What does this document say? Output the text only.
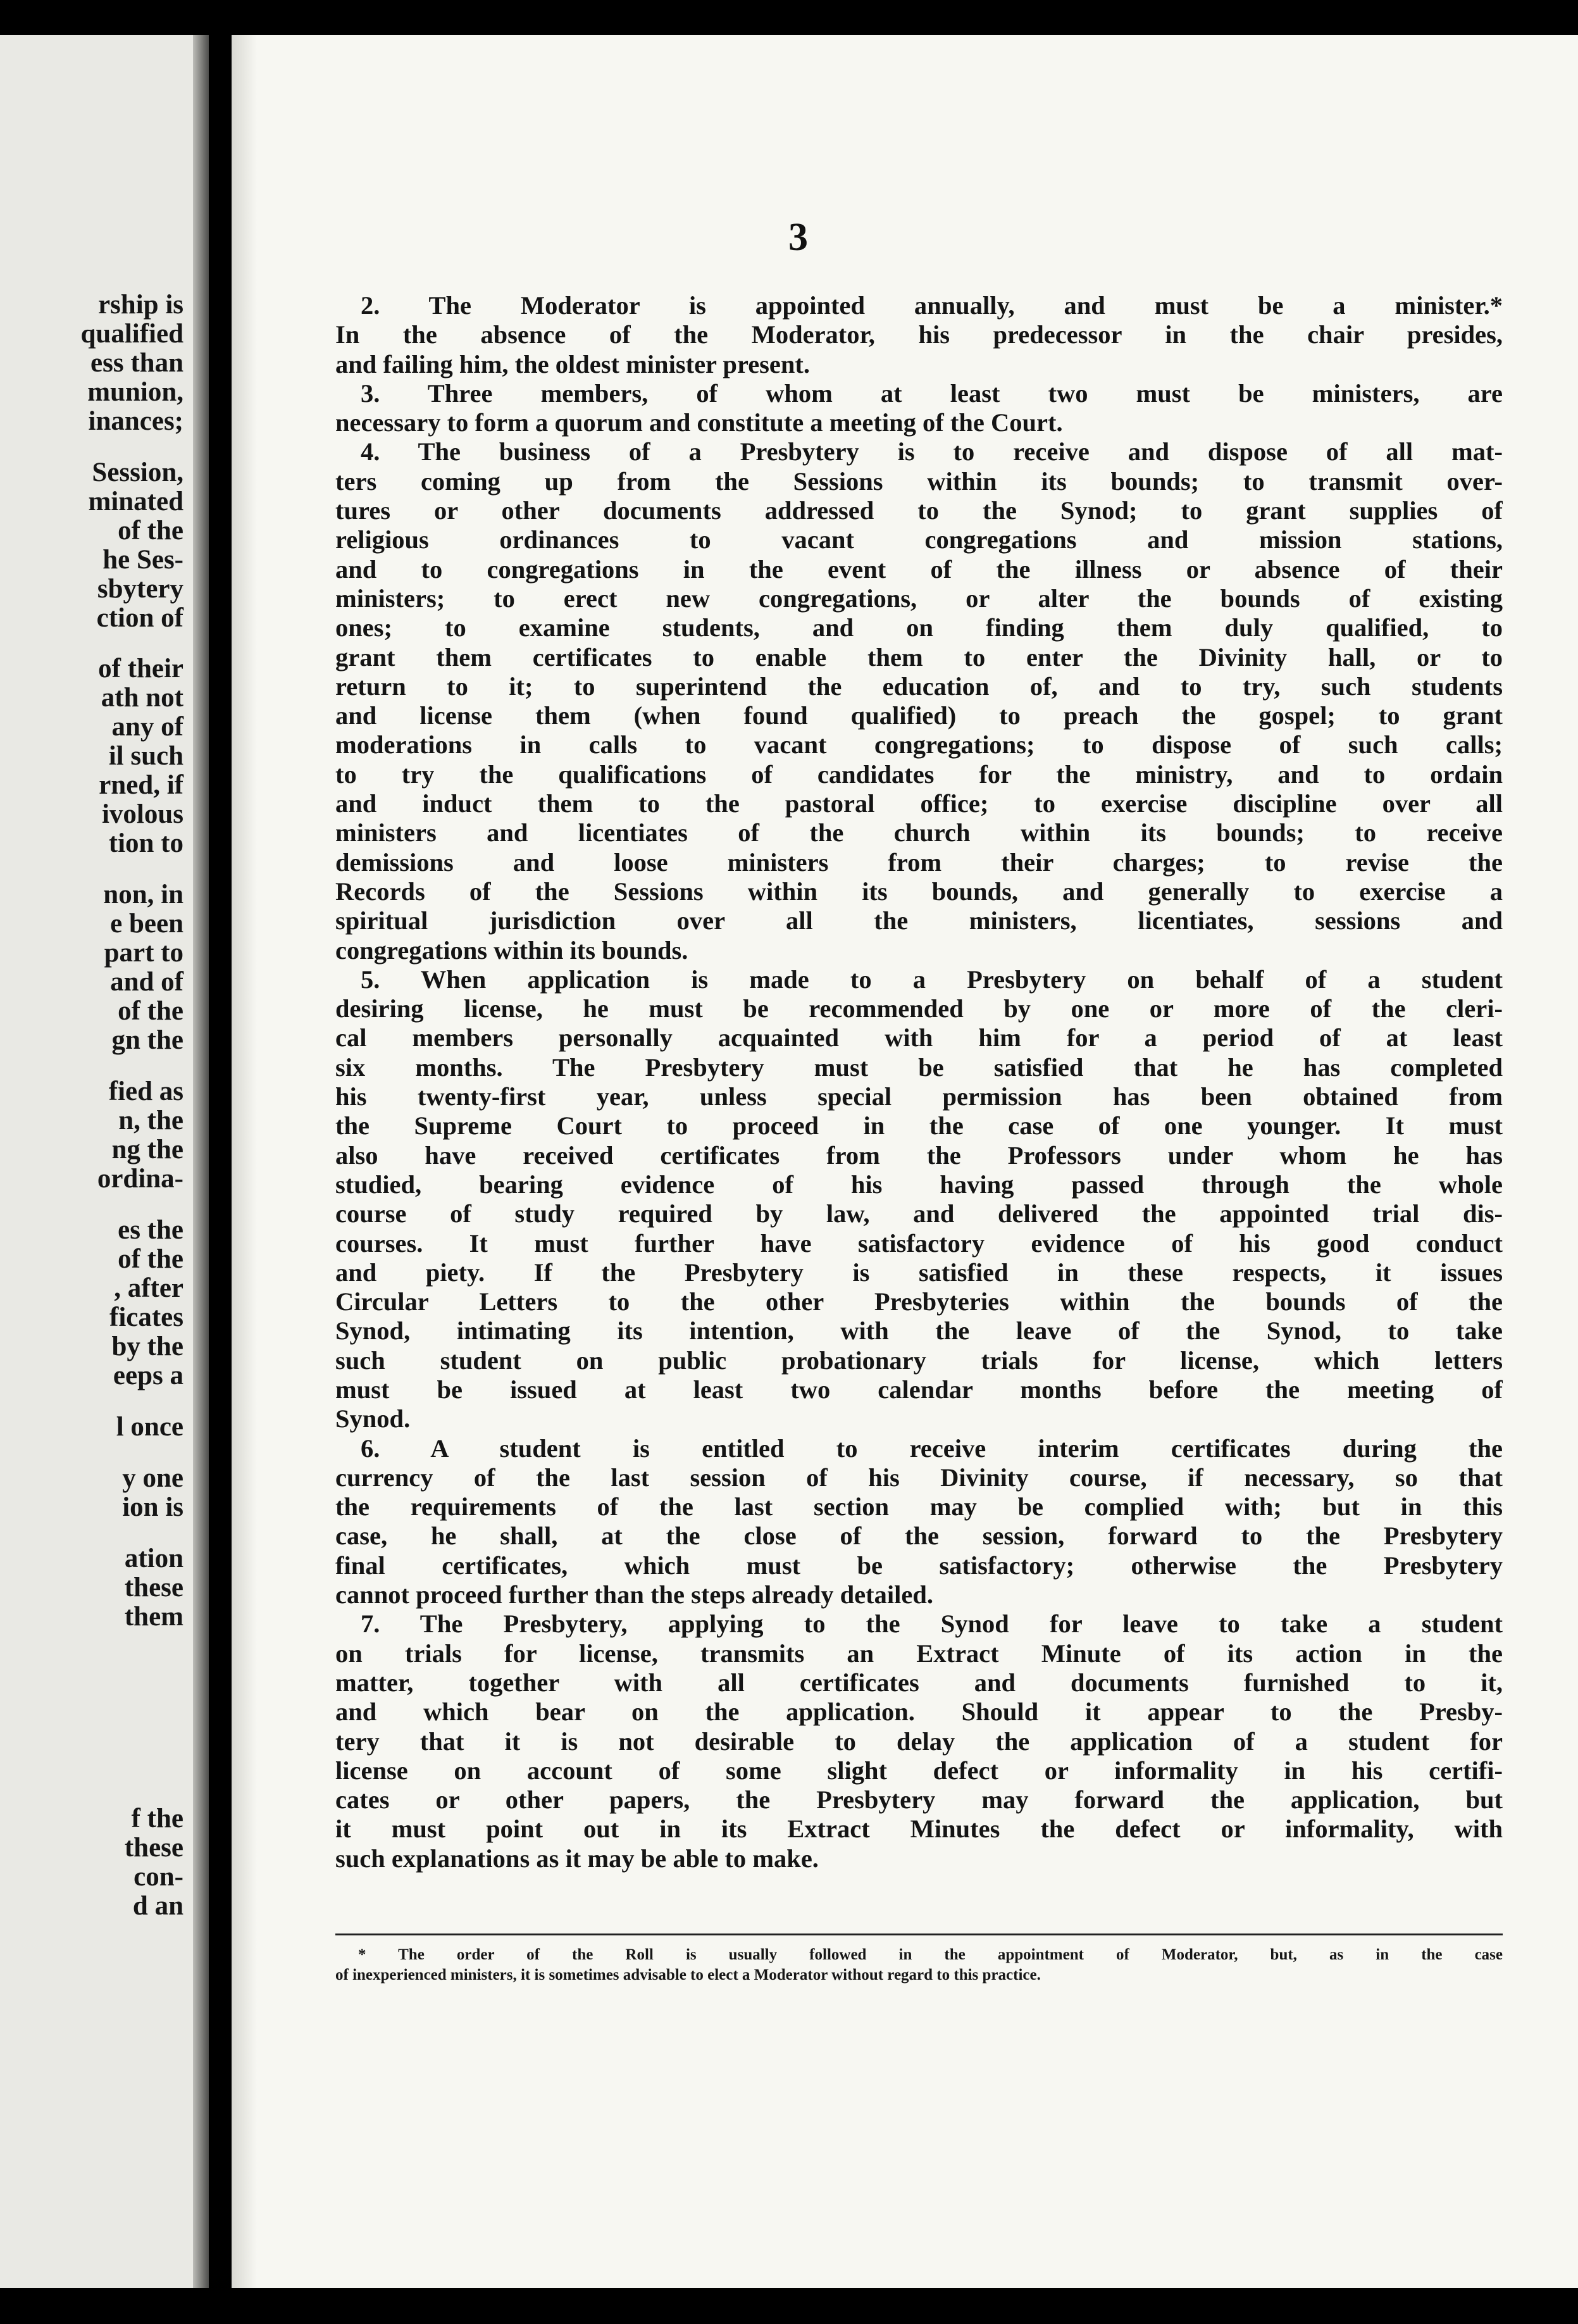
rship is
qualified
ess than
munion,
inances;
Session,
minated
of the
he Ses-
sbytery
ction of
of their
ath not
any of
il such
rned, if
ivolous
tion to
non, in
e been
part to
and of
of the
gn the
fied as
n, the
ng the
ordina-
es the
of the
, after
ficates
by the
eeps a
l once
y one
ion is
ation
these
them
f the
these
con-
d an
3
2. The Moderator is appointed annually, and must be a minister.*
In the absence of the Moderator, his predecessor in the chair presides,
and failing him, the oldest minister present.
3. Three members, of whom at least two must be ministers, are
necessary to form a quorum and constitute a meeting of the Court.
4. The business of a Presbytery is to receive and dispose of all mat-
ters coming up from the Sessions within its bounds; to transmit over-
tures or other documents addressed to the Synod; to grant supplies of
religious ordinances to vacant congregations and mission stations,
and to congregations in the event of the illness or absence of their
ministers; to erect new congregations, or alter the bounds of existing
ones; to examine students, and on finding them duly qualified, to
grant them certificates to enable them to enter the Divinity hall, or to
return to it; to superintend the education of, and to try, such students
and license them (when found qualified) to preach the gospel; to grant
moderations in calls to vacant congregations; to dispose of such calls;
to try the qualifications of candidates for the ministry, and to ordain
and induct them to the pastoral office; to exercise discipline over all
ministers and licentiates of the church within its bounds; to receive
demissions and loose ministers from their charges; to revise the
Records of the Sessions within its bounds, and generally to exercise a
spiritual jurisdiction over all the ministers, licentiates, sessions and
congregations within its bounds.
5. When application is made to a Presbytery on behalf of a student
desiring license, he must be recommended by one or more of the cleri-
cal members personally acquainted with him for a period of at least
six months. The Presbytery must be satisfied that he has completed
his twenty-first year, unless special permission has been obtained from
the Supreme Court to proceed in the case of one younger. It must
also have received certificates from the Professors under whom he has
studied, bearing evidence of his having passed through the whole
course of study required by law, and delivered the appointed trial dis-
courses. It must further have satisfactory evidence of his good conduct
and piety. If the Presbytery is satisfied in these respects, it issues
Circular Letters to the other Presbyteries within the bounds of the
Synod, intimating its intention, with the leave of the Synod, to take
such student on public probationary trials for license, which letters
must be issued at least two calendar months before the meeting of
Synod.
6. A student is entitled to receive interim certificates during the
currency of the last session of his Divinity course, if necessary, so that
the requirements of the last section may be complied with; but in this
case, he shall, at the close of the session, forward to the Presbytery
final certificates, which must be satisfactory; otherwise the Presbytery
cannot proceed further than the steps already detailed.
7. The Presbytery, applying to the Synod for leave to take a student
on trials for license, transmits an Extract Minute of its action in the
matter, together with all certificates and documents furnished to it,
and which bear on the application. Should it appear to the Presby-
tery that it is not desirable to delay the application of a student for
license on account of some slight defect or informality in his certifi-
cates or other papers, the Presbytery may forward the application, but
it must point out in its Extract Minutes the defect or informality, with
such explanations as it may be able to make.
* The order of the Roll is usually followed in the appointment of Moderator, but, as in the case
of inexperienced ministers, it is sometimes advisable to elect a Moderator without regard to this practice.
